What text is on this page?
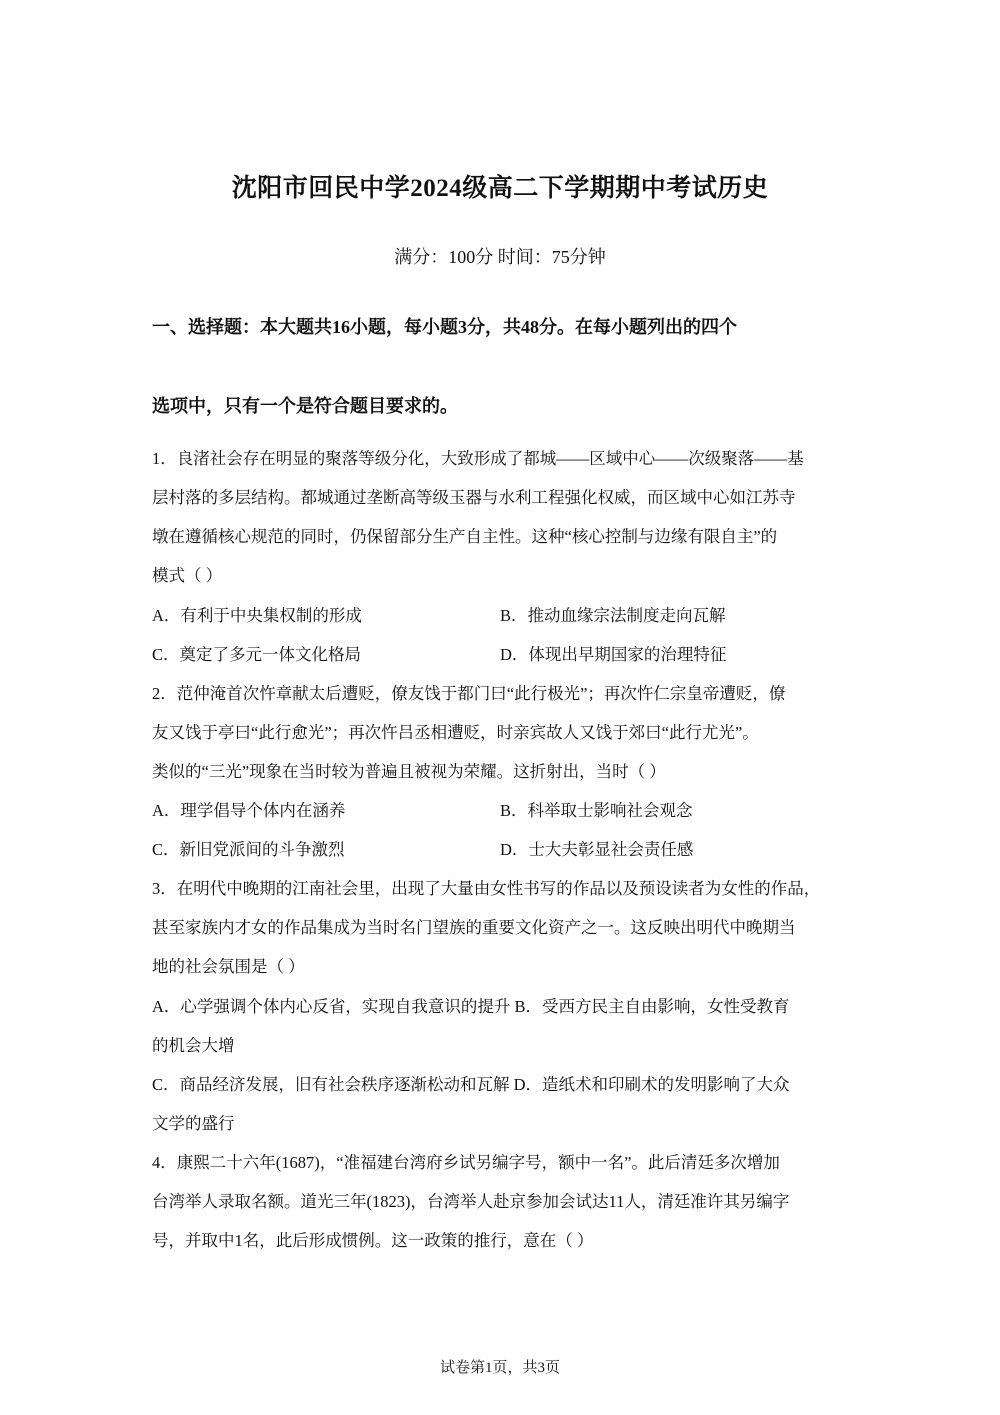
沈阳市回民中学2024级高二下学期期中考试历史
满分：100分 时间：75分钟
一、选择题：本大题共16小题，每小题3分，共48分。在每小题列出的四个
选项中，只有一个是符合题目要求的。
1．良渚社会存在明显的聚落等级分化，大致形成了都城——区域中心——次级聚落——基
层村落的多层结构。都城通过垄断高等级玉器与水利工程强化权威，而区域中心如江苏寺
墩在遵循核心规范的同时，仍保留部分生产自主性。这种“核心控制与边缘有限自主”的
模式（ ）
A．有利于中央集权制的形成	B．推动血缘宗法制度走向瓦解
C．奠定了多元一体文化格局	D．体现出早期国家的治理特征
2．范仲淹首次忤章献太后遭贬，僚友饯于都门曰“此行极光”；再次忤仁宗皇帝遭贬，僚
友又饯于亭曰“此行愈光”；再次忤吕丞相遭贬，时亲宾故人又饯于郊曰“此行尤光”。
类似的“三光”现象在当时较为普遍且被视为荣耀。这折射出，当时（ ）
A．理学倡导个体内在涵养	B．科举取士影响社会观念
C．新旧党派间的斗争激烈	D．士大夫彰显社会责任感
3．在明代中晚期的江南社会里，出现了大量由女性书写的作品以及预设读者为女性的作品，
甚至家族内才女的作品集成为当时名门望族的重要文化资产之一。这反映出明代中晚期当
地的社会氛围是（ ）
A．心学强调个体内心反省，实现自我意识的提升 B．受西方民主自由影响，女性受教育
的机会大增
C．商品经济发展，旧有社会秩序逐渐松动和瓦解 D．造纸术和印刷术的发明影响了大众
文学的盛行
4．康熙二十六年(1687)，“准福建台湾府乡试另编字号，额中一名”。此后清廷多次增加
台湾举人录取名额。道光三年(1823)，台湾举人赴京参加会试达11人，清廷准许其另编字
号，并取中1名，此后形成惯例。这一政策的推行，意在（ ）
试卷第1页，共3页
